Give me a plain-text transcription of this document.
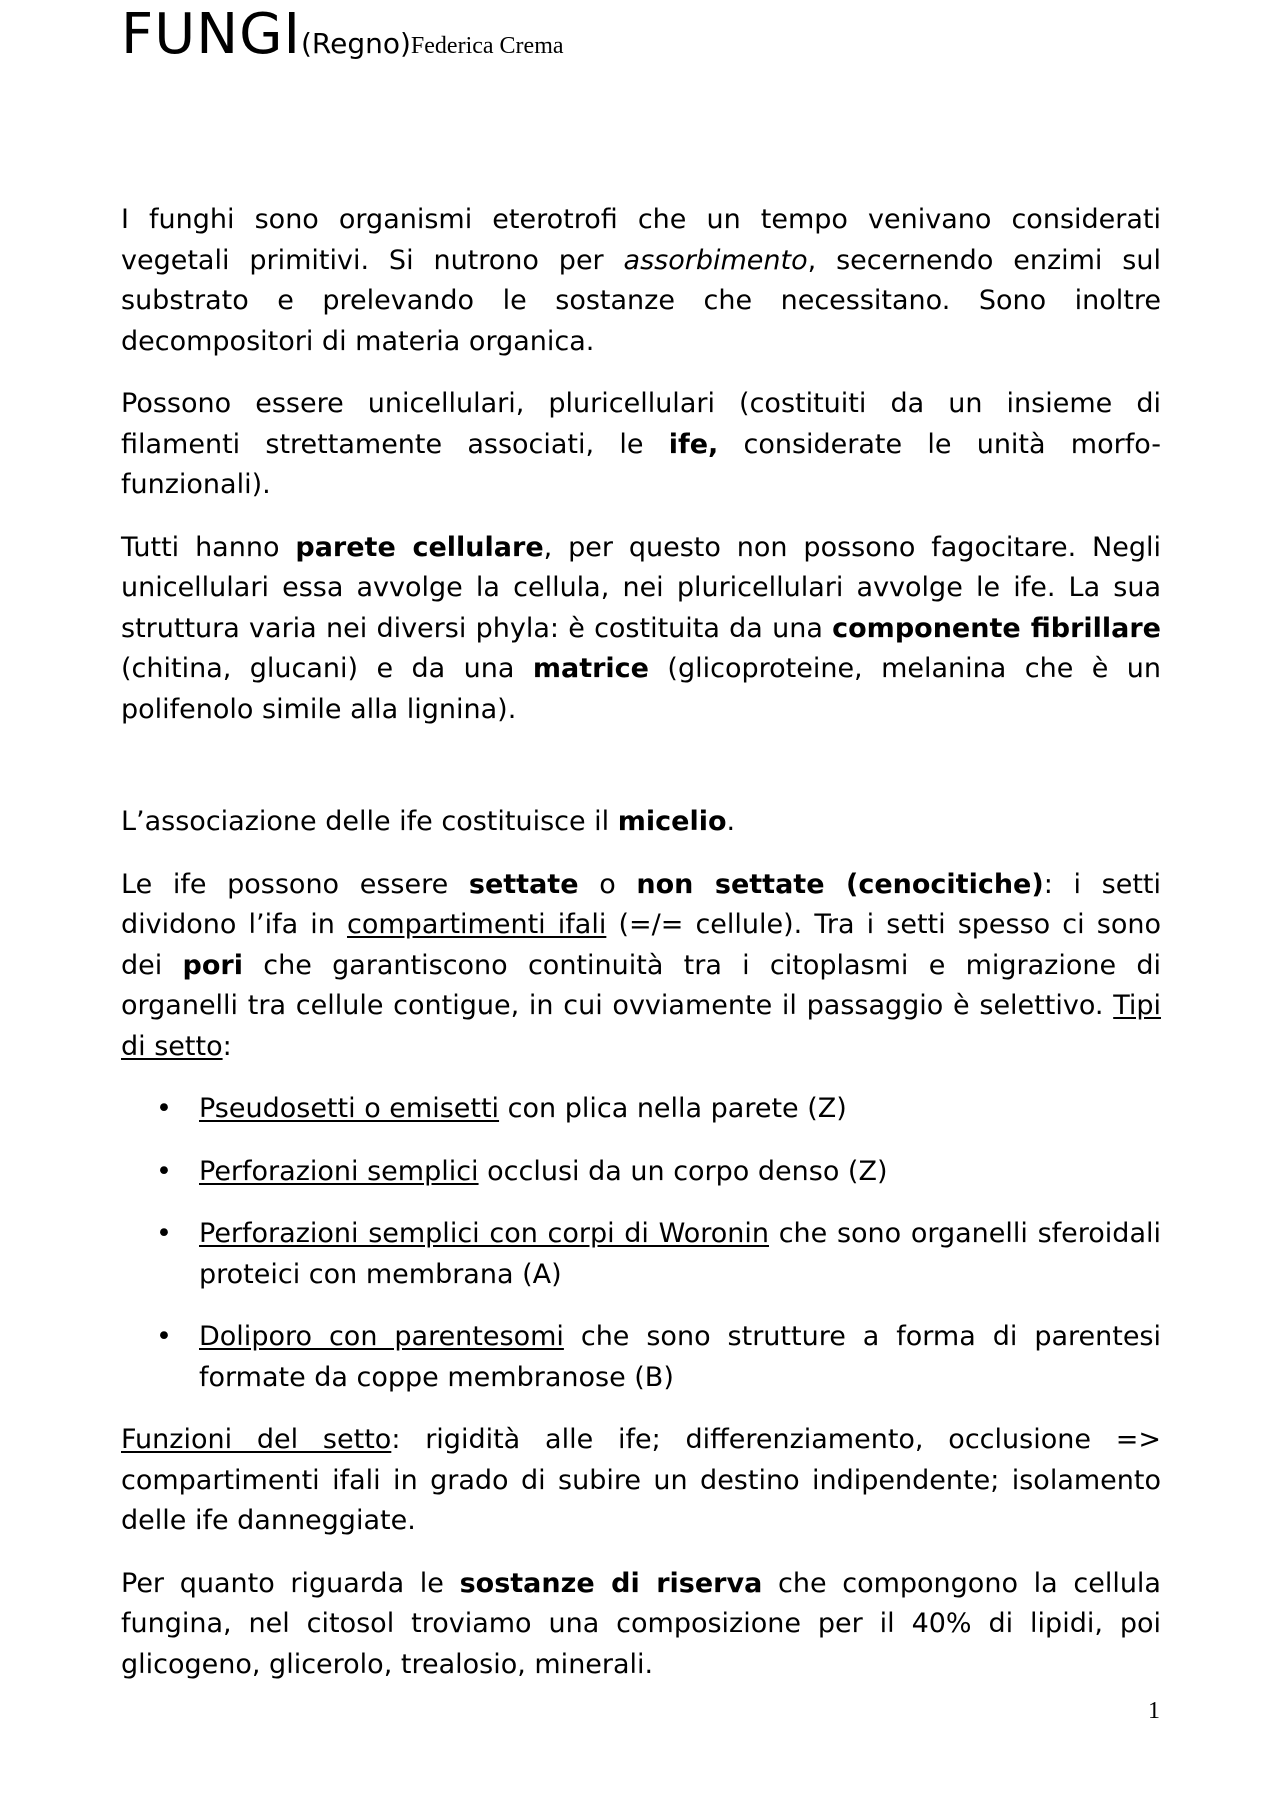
FUNGI(Regno)Federica Crema

I funghi sono organismi eterotrofi che un tempo venivano considerati vegetali primitivi. Si nutrono per assorbimento, secernendo enzimi sul substrato e prelevando le sostanze che necessitano. Sono inoltre decompositori di materia organica.

Possono essere unicellulari, pluricellulari (costituiti da un insieme di filamenti strettamente associati, le ife, considerate le unità morfo-funzionali).

Tutti hanno parete cellulare, per questo non possono fagocitare. Negli unicellulari essa avvolge la cellula, nei pluricellulari avvolge le ife. La sua struttura varia nei diversi phyla: è costituita da una componente fibrillare (chitina, glucani) e da una matrice (glicoproteine, melanina che è un polifenolo simile alla lignina).

L’associazione delle ife costituisce il micelio.

Le ife possono essere settate o non settate (cenocitiche): i setti dividono l’ifa in compartimenti ifali (=/= cellule). Tra i setti spesso ci sono dei pori che garantiscono continuità tra i citoplasmi e migrazione di organelli tra cellule contigue, in cui ovviamente il passaggio è selettivo. Tipi di setto:

• Pseudosetti o emisetti con plica nella parete (Z)
• Perforazioni semplici occlusi da un corpo denso (Z)
• Perforazioni semplici con corpi di Woronin che sono organelli sferoidali proteici con membrana (A)
• Doliporo con parentesomi che sono strutture a forma di parentesi formate da coppe membranose (B)

Funzioni del setto: rigidità alle ife; differenziamento, occlusione => compartimenti ifali in grado di subire un destino indipendente; isolamento delle ife danneggiate.

Per quanto riguarda le sostanze di riserva che compongono la cellula fungina, nel citosol troviamo una composizione per il 40% di lipidi, poi glicogeno, glicerolo, trealosio, minerali.

1
